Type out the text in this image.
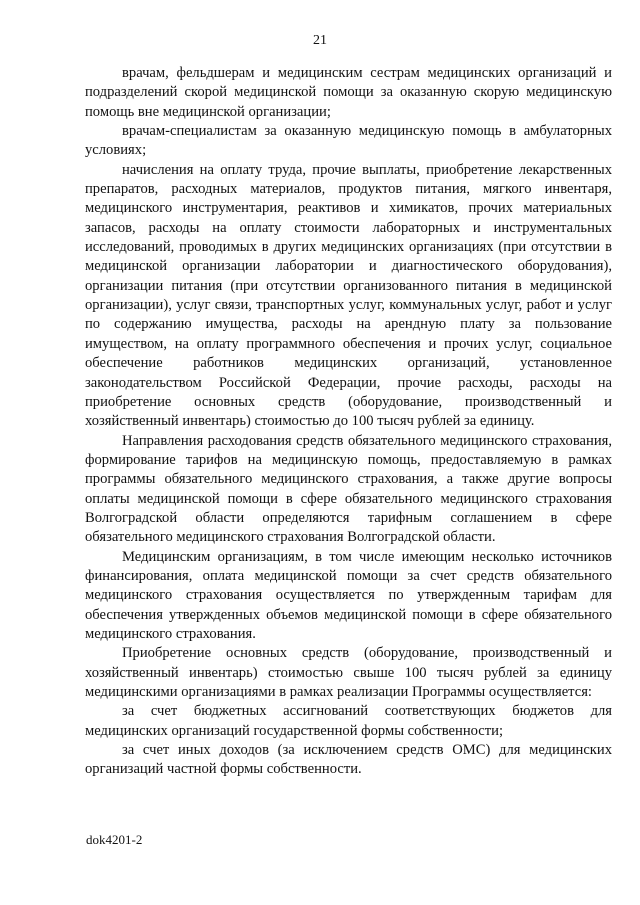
21

врачам, фельдшерам и медицинским сестрам медицинских организаций и подразделений скорой медицинской помощи за оказанную скорую медицинскую помощь вне медицинской организации;

врачам-специалистам за оказанную медицинскую помощь в амбулаторных условиях;

начисления на оплату труда, прочие выплаты, приобретение лекарственных препаратов, расходных материалов, продуктов питания, мягкого инвентаря, медицинского инструментария, реактивов и химикатов, прочих материальных запасов, расходы на оплату стоимости лабораторных и инструментальных исследований, проводимых в других медицинских организациях (при отсутствии в медицинской организации лаборатории и диагностического оборудования), организации питания (при отсутствии организованного питания в медицинской организации), услуг связи, транспортных услуг, коммунальных услуг, работ и услуг по содержанию имущества, расходы на арендную плату за пользование имуществом, на оплату программного обеспечения и прочих услуг, социальное обеспечение работников медицинских организаций, установленное законодательством Российской Федерации, прочие расходы, расходы на приобретение основных средств (оборудование, производственный и хозяйственный инвентарь) стоимостью до 100 тысяч рублей за единицу.

Направления расходования средств обязательного медицинского страхования, формирование тарифов на медицинскую помощь, предоставляемую в рамках программы обязательного медицинского страхования, а также другие вопросы оплаты медицинской помощи в сфере обязательного медицинского страхования Волгоградской области определяются тарифным соглашением в сфере обязательного медицинского страхования Волгоградской области.

Медицинским организациям, в том числе имеющим несколько источников финансирования, оплата медицинской помощи за счет средств обязательного медицинского страхования осуществляется по утвержденным тарифам для обеспечения утвержденных объемов медицинской помощи в сфере обязательного медицинского страхования.

Приобретение основных средств (оборудование, производственный и хозяйственный инвентарь) стоимостью свыше 100 тысяч рублей за единицу медицинскими организациями в рамках реализации Программы осуществляется:

за счет бюджетных ассигнований соответствующих бюджетов для медицинских организаций государственной формы собственности;

за счет иных доходов (за исключением средств ОМС) для медицинских организаций частной формы собственности.

dok4201-2
